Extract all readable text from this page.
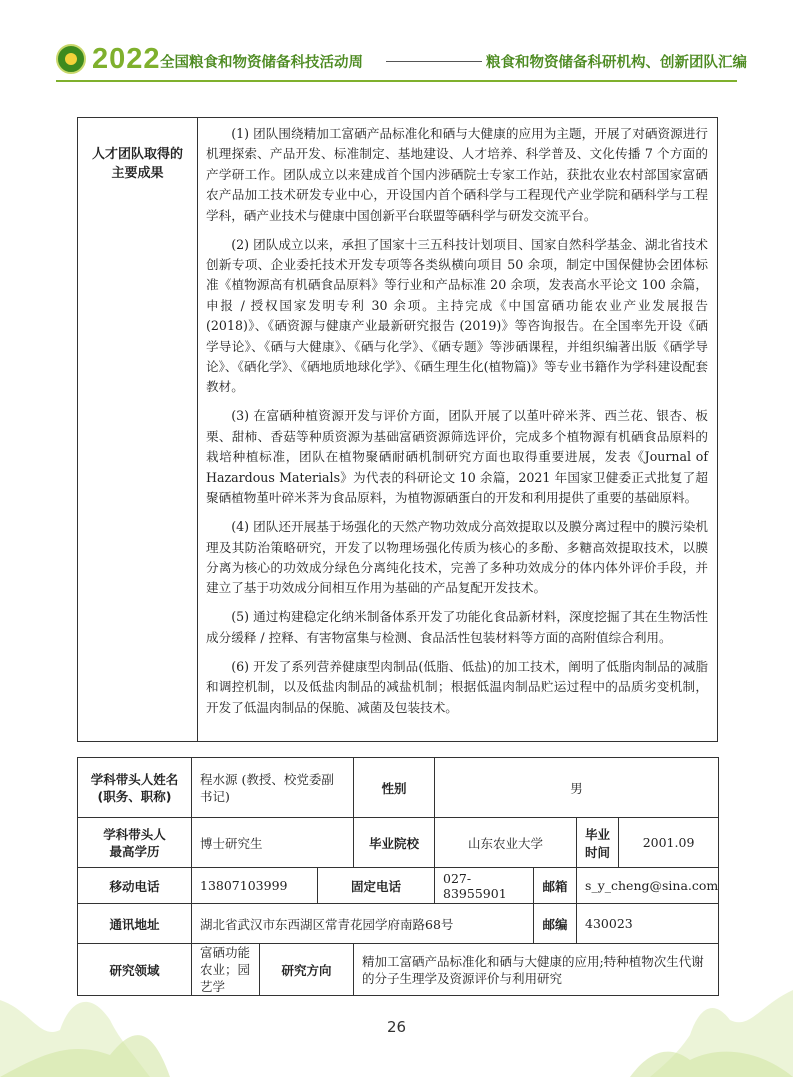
2022 全国粮食和物资储备科技活动周	粮食和物资储备科研机构、创新团队汇编
人才团队取得的
主要成果

(1) 团队围绕精加工富硒产品标准化和硒与大健康的应用为主题，开展了对硒资源进行机理探索、产品开发、标准制定、基地建设、人才培养、科学普及、文化传播 7 个方面的产学研工作。团队成立以来建成首个国内涉硒院士专家工作站，获批农业农村部国家富硒农产品加工技术研发专业中心，开设国内首个硒科学与工程现代产业学院和硒科学与工程学科，硒产业技术与健康中国创新平台联盟等硒科学与研发交流平台。

(2) 团队成立以来，承担了国家十三五科技计划项目、国家自然科学基金、湖北省技术创新专项、企业委托技术开发专项等各类纵横向项目 50 余项，制定中国保健协会团体标准《植物源高有机硒食品原料》等行业和产品标准 20 余项，发表高水平论文 100 余篇，申报 / 授权国家发明专利 30 余项。主持完成《中国富硒功能农业产业发展报告 (2018)》、《硒资源与健康产业最新研究报告 (2019)》等咨询报告。在全国率先开设《硒学导论》、《硒与大健康》、《硒与化学》、《硒专题》等涉硒课程，并组织编著出版《硒学导论》、《硒化学》、《硒地质地球化学》、《硒生理生化(植物篇)》等专业书籍作为学科建设配套教材。

(3) 在富硒种植资源开发与评价方面，团队开展了以堇叶碎米荠、西兰花、银杏、板栗、甜柿、香菇等种质资源为基础富硒资源筛选评价，完成多个植物源有机硒食品原料的栽培种植标准，团队在植物聚硒耐硒机制研究方面也取得重要进展，发表《Journal of Hazardous Materials》为代表的科研论文 10 余篇，2021 年国家卫健委正式批复了超聚硒植物堇叶碎米荠为食品原料，为植物源硒蛋白的开发和利用提供了重要的基础原料。

(4) 团队还开展基于场强化的天然产物功效成分高效提取以及膜分离过程中的膜污染机理及其防治策略研究，开发了以物理场强化传质为核心的多酚、多糖高效提取技术，以膜分离为核心的功效成分绿色分离纯化技术，完善了多种功效成分的体内体外评价手段，并建立了基于功效成分间相互作用为基础的产品复配开发技术。

(5) 通过构建稳定化纳米制备体系开发了功能化食品新材料，深度挖掘了其在生物活性成分缓释 / 控释、有害物富集与检测、食品活性包装材料等方面的高附值综合利用。

(6) 开发了系列营养健康型肉制品(低脂、低盐)的加工技术，阐明了低脂肉制品的减脂和调控机制，以及低盐肉制品的减盐机制；根据低温肉制品贮运过程中的品质劣变机制，开发了低温肉制品的保脆、减菌及包装技术。

学科带头人姓名
(职务、职称)	程水源 (教授、校党委副书记)			性别	男			

学科带头人
最高学历	博士研究生			毕业院校	山东农业大学		毕业时间	2001.09
移动电话	13807103999		固定电话		027-83955901	邮箱	s_y_cheng@sina.com	
通讯地址	湖北省武汉市东西湖区常青花园学府南路68号					邮编	430023	
研究领域	富硒功能农业；园艺学	研究方向		精加工富硒产品标准化和硒与大健康的应用;特种植物次生代谢的分子生理学及资源评价与利用研究				
26
